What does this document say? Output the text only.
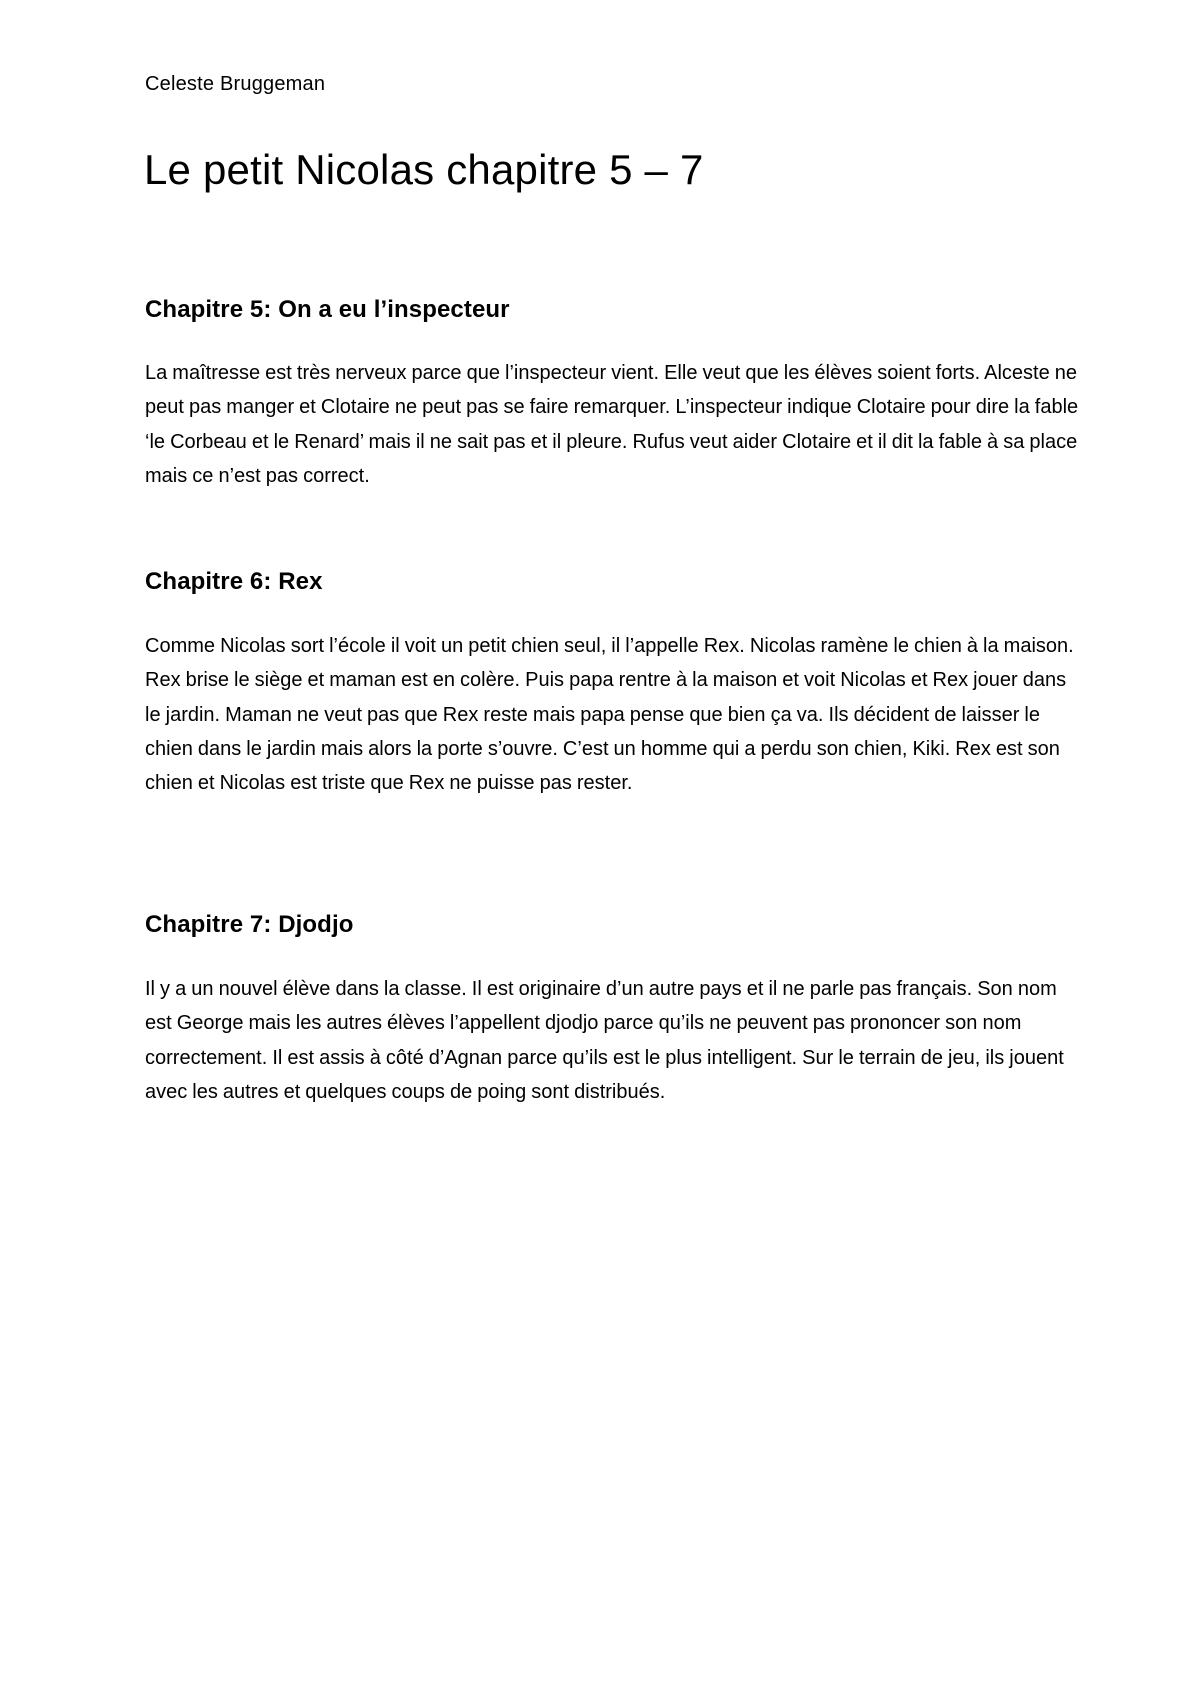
Celeste Bruggeman
Le petit Nicolas chapitre 5 – 7
Chapitre 5: On a eu l’inspecteur

La maîtresse est très nerveux parce que l’inspecteur vient. Elle veut que les élèves soient forts. Alceste ne peut pas manger et Clotaire ne peut pas se faire remarquer. L’inspecteur indique Clotaire pour dire la fable ‘le Corbeau et le Renard’ mais il ne sait pas et il pleure. Rufus veut aider Clotaire et il dit la fable à sa place mais ce n’est pas correct.

Chapitre 6: Rex

Comme Nicolas sort l’école il voit un petit chien seul, il l’appelle Rex. Nicolas ramène le chien à la maison. Rex brise le siège et maman est en colère. Puis papa rentre à la maison et voit Nicolas et Rex jouer dans le jardin. Maman ne veut pas que Rex reste mais papa pense que bien ça va. Ils décident de laisser le chien dans le jardin mais alors la porte s’ouvre. C’est un homme qui a perdu son chien, Kiki. Rex est son chien et Nicolas est triste que Rex ne puisse pas rester.

Chapitre 7: Djodjo

Il y a un nouvel élève dans la classe. Il est originaire d’un autre pays et il ne parle pas français. Son nom est George mais les autres élèves l’appellent djodjo parce qu’ils ne peuvent pas prononcer son nom correctement. Il est assis à côté d’Agnan parce qu’ils est le plus intelligent. Sur le terrain de jeu, ils jouent avec les autres et quelques coups de poing sont distribués.
